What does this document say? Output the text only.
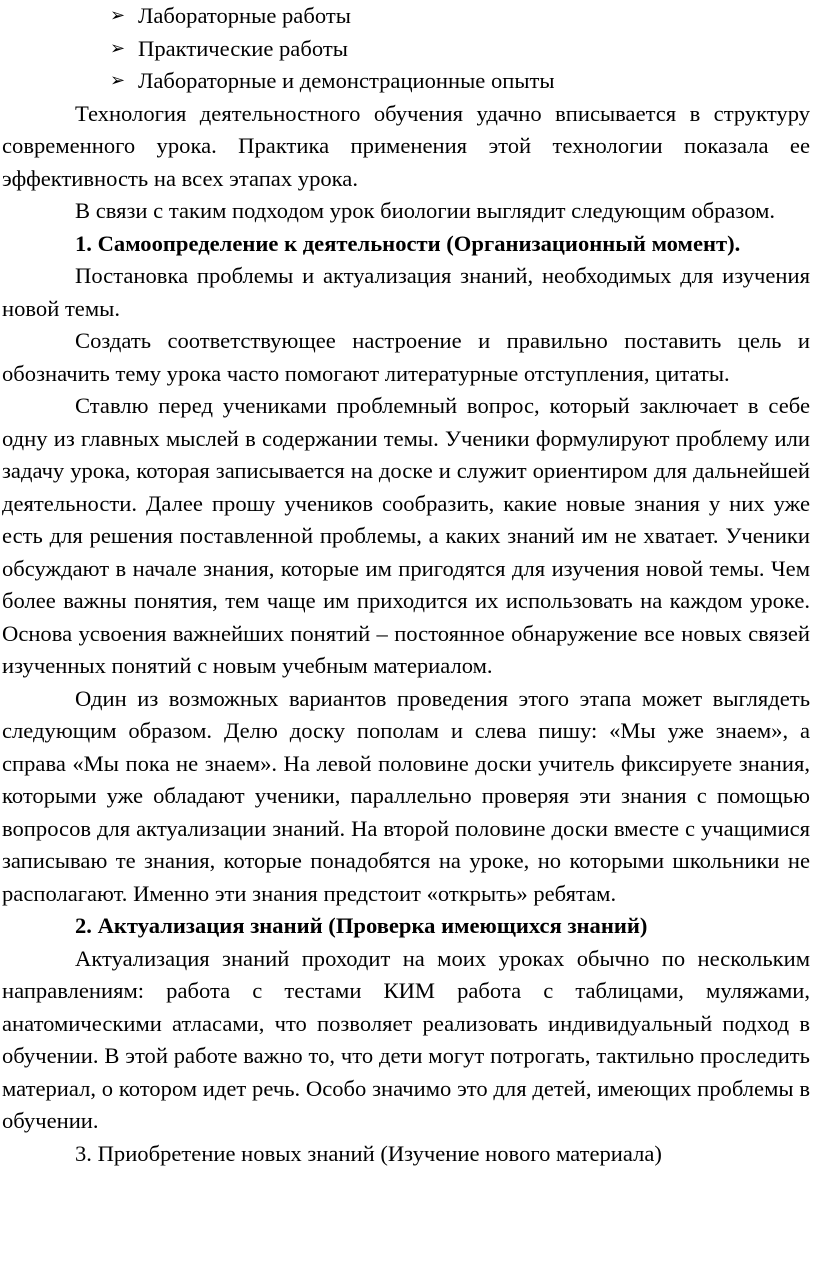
➢ Лабораторные работы
➢ Практические работы
➢ Лабораторные и демонстрационные опыты

Технология деятельностного обучения удачно вписывается в структуру современного урока. Практика применения этой технологии показала ее эффективность на всех этапах урока.

В связи с таким подходом урок биологии выглядит следующим образом.

1. Самоопределение к деятельности (Организационный момент).

Постановка проблемы и актуализация знаний, необходимых для изучения новой темы.

Создать соответствующее настроение и правильно поставить цель и обозначить тему урока часто помогают литературные отступления, цитаты.

Ставлю перед учениками проблемный вопрос, который заключает в себе одну из главных мыслей в содержании темы. Ученики формулируют проблему или задачу урока, которая записывается на доске и служит ориентиром для дальнейшей деятельности. Далее прошу учеников сообразить, какие новые знания у них уже есть для решения поставленной проблемы, а каких знаний им не хватает. Ученики обсуждают в начале знания, которые им пригодятся для изучения новой темы. Чем более важны понятия, тем чаще им приходится их использовать на каждом уроке. Основа усвоения важнейших понятий – постоянное обнаружение все новых связей изученных понятий с новым учебным материалом.

Один из возможных вариантов проведения этого этапа может выглядеть следующим образом. Делю доску пополам и слева пишу: «Мы уже знаем», а справа «Мы пока не знаем». На левой половине доски учитель фиксируете знания, которыми уже обладают ученики, параллельно проверяя эти знания с помощью вопросов для актуализации знаний. На второй половине доски вместе с учащимися записываю те знания, которые понадобятся на уроке, но которыми школьники не располагают. Именно эти знания предстоит «открыть» ребятам.

2. Актуализация знаний (Проверка имеющихся знаний)

Актуализация знаний проходит на моих уроках обычно по нескольким направлениям: работа с тестами КИМ работа с таблицами, муляжами, анатомическими атласами, что позволяет реализовать индивидуальный подход в обучении. В этой работе важно то, что дети могут потрогать, тактильно проследить материал, о котором идет речь. Особо значимо это для детей, имеющих проблемы в обучении.

3. Приобретение новых знаний (Изучение нового материала)
